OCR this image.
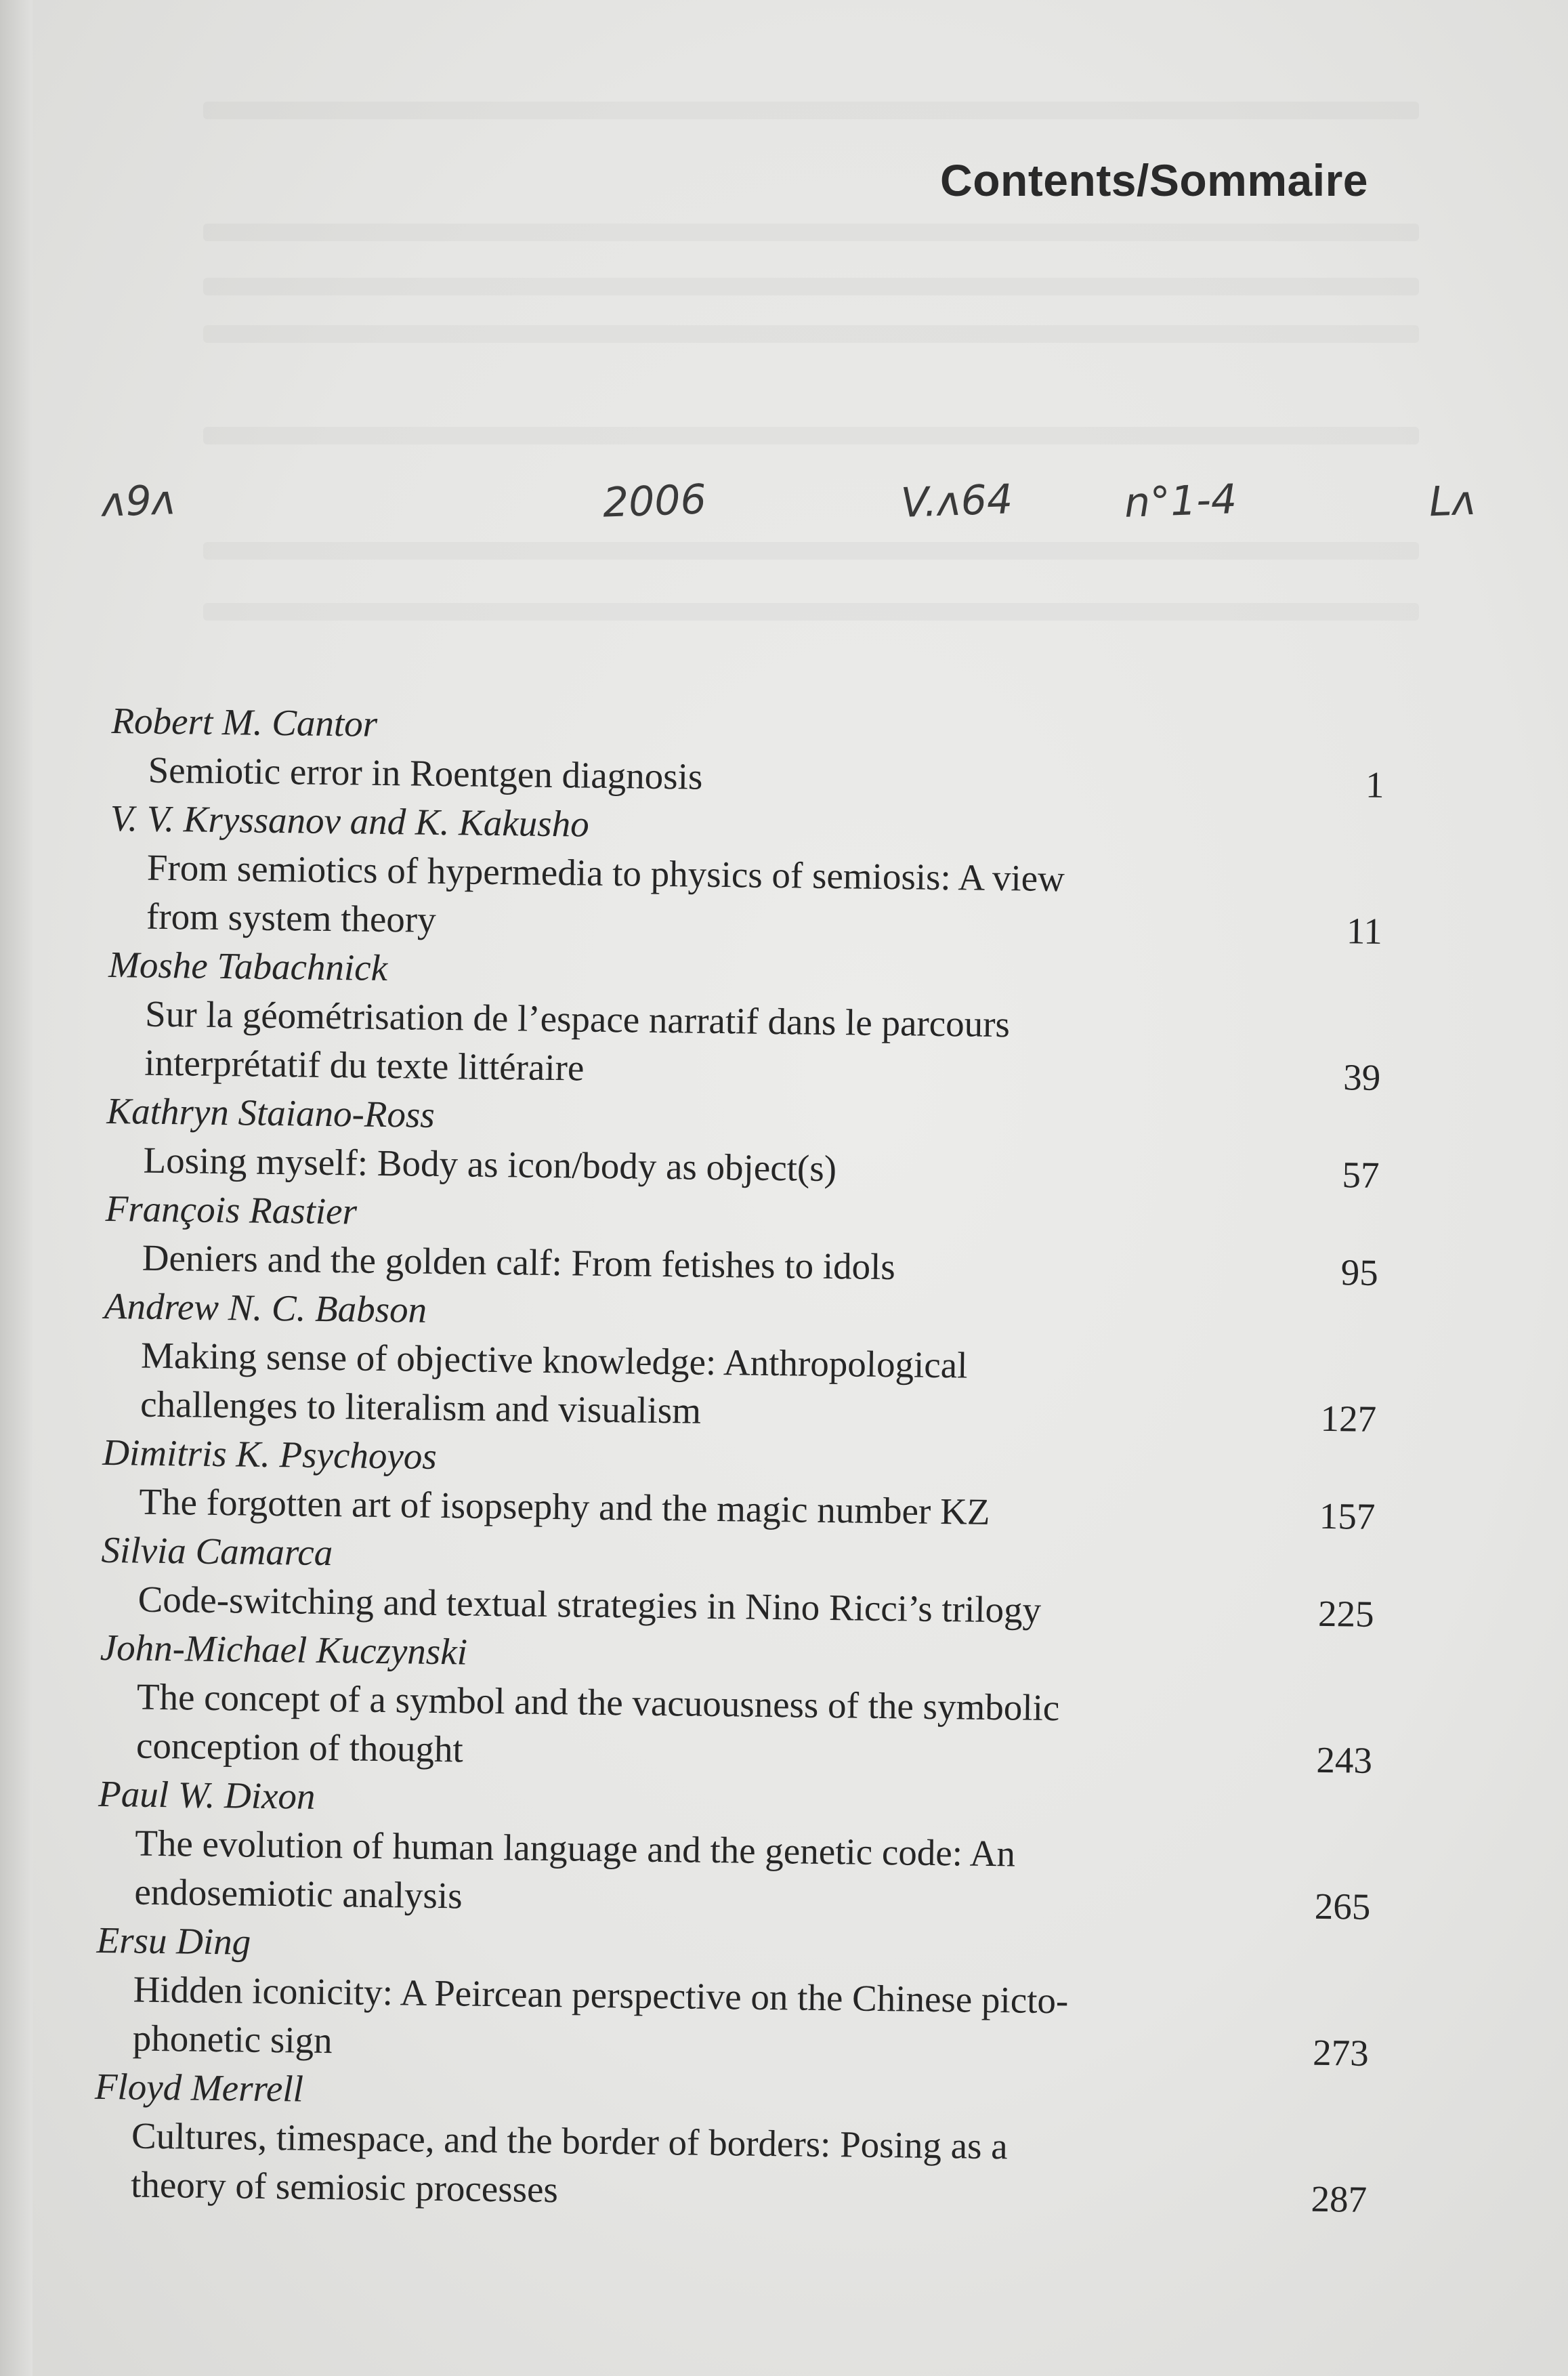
Contents/Sommaire
ᴧ9ᴧ	2006	V.ᴧ64	n°1-4	Lᴧ
Robert M. Cantor
Semiotic error in Roentgen diagnosis	1
V. V. Kryssanov and K. Kakusho
From semiotics of hypermedia to physics of semiosis: A view
from system theory	11
Moshe Tabachnick
Sur la géométrisation de l’espace narratif dans le parcours
interprétatif du texte littéraire	39
Kathryn Staiano-Ross
Losing myself: Body as icon/body as object(s)	57
François Rastier
Deniers and the golden calf: From fetishes to idols	95
Andrew N. C. Babson
Making sense of objective knowledge: Anthropological
challenges to literalism and visualism	127
Dimitris K. Psychoyos
The forgotten art of isopsephy and the magic number KZ	157
Silvia Camarca
Code-switching and textual strategies in Nino Ricci’s trilogy	225
John-Michael Kuczynski
The concept of a symbol and the vacuousness of the symbolic
conception of thought	243
Paul W. Dixon
The evolution of human language and the genetic code: An
endosemiotic analysis	265
Ersu Ding
Hidden iconicity: A Peircean perspective on the Chinese picto-
phonetic sign	273
Floyd Merrell
Cultures, timespace, and the border of borders: Posing as a
theory of semiosic processes	287
